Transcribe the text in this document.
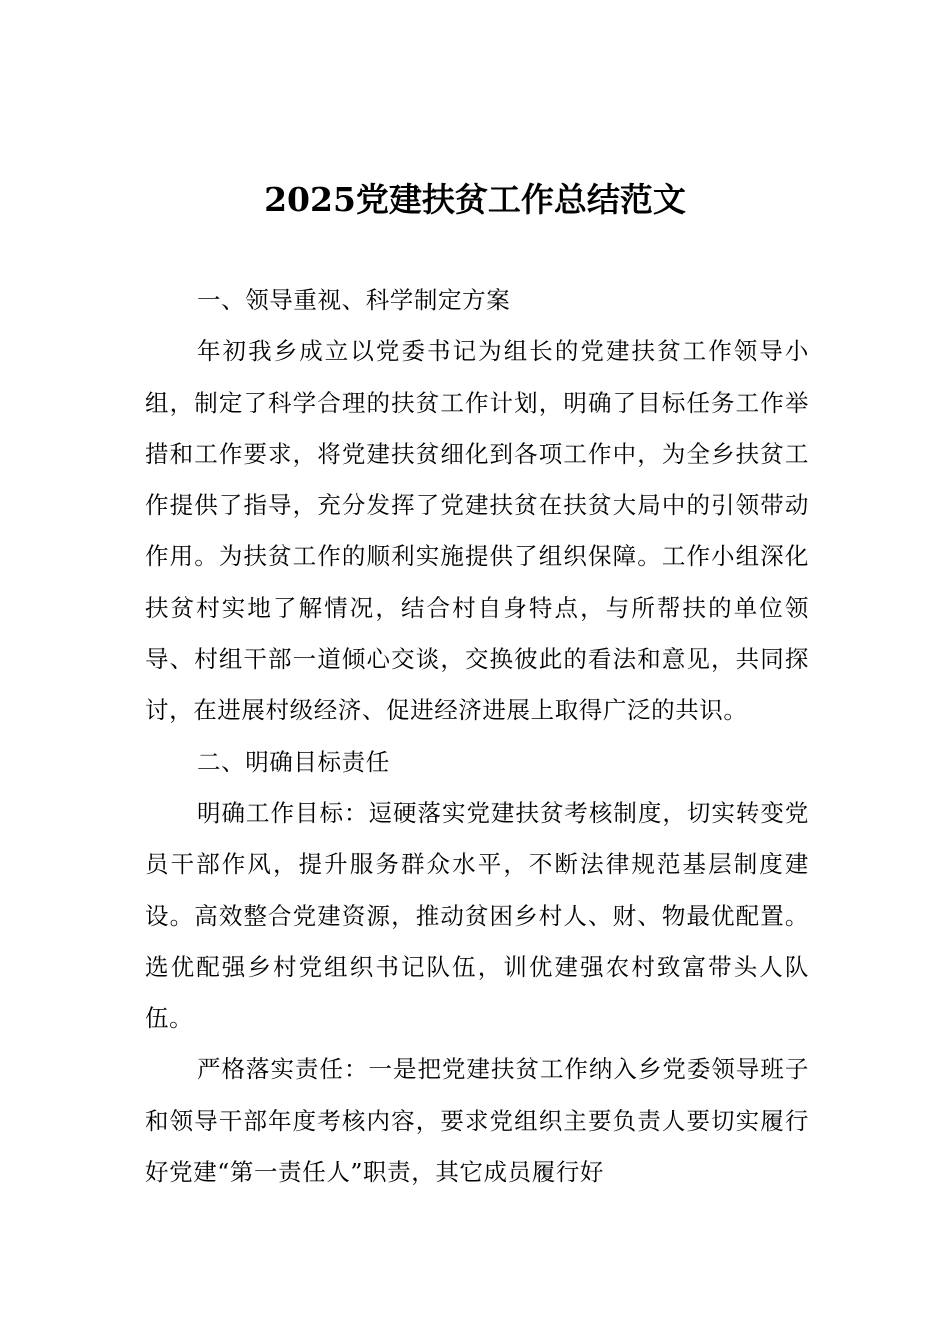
2025党建扶贫工作总结范文

一、领导重视、科学制定方案

年初我乡成立以党委书记为组长的党建扶贫工作领导小组，制定了科学合理的扶贫工作计划，明确了目标任务工作举措和工作要求，将党建扶贫细化到各项工作中，为全乡扶贫工作提供了指导，充分发挥了党建扶贫在扶贫大局中的引领带动作用。为扶贫工作的顺利实施提供了组织保障。工作小组深化扶贫村实地了解情况，结合村自身特点，与所帮扶的单位领导、村组干部一道倾心交谈，交换彼此的看法和意见，共同探讨，在进展村级经济、促进经济进展上取得广泛的共识。

二、明确目标责任

明确工作目标：逗硬落实党建扶贫考核制度，切实转变党员干部作风，提升服务群众水平，不断法律规范基层制度建设。高效整合党建资源，推动贫困乡村人、财、物最优配置。选优配强乡村党组织书记队伍，训优建强农村致富带头人队伍。

严格落实责任：一是把党建扶贫工作纳入乡党委领导班子和领导干部年度考核内容，要求党组织主要负责人要切实履行好党建“第一责任人”职责，其它成员履行好
